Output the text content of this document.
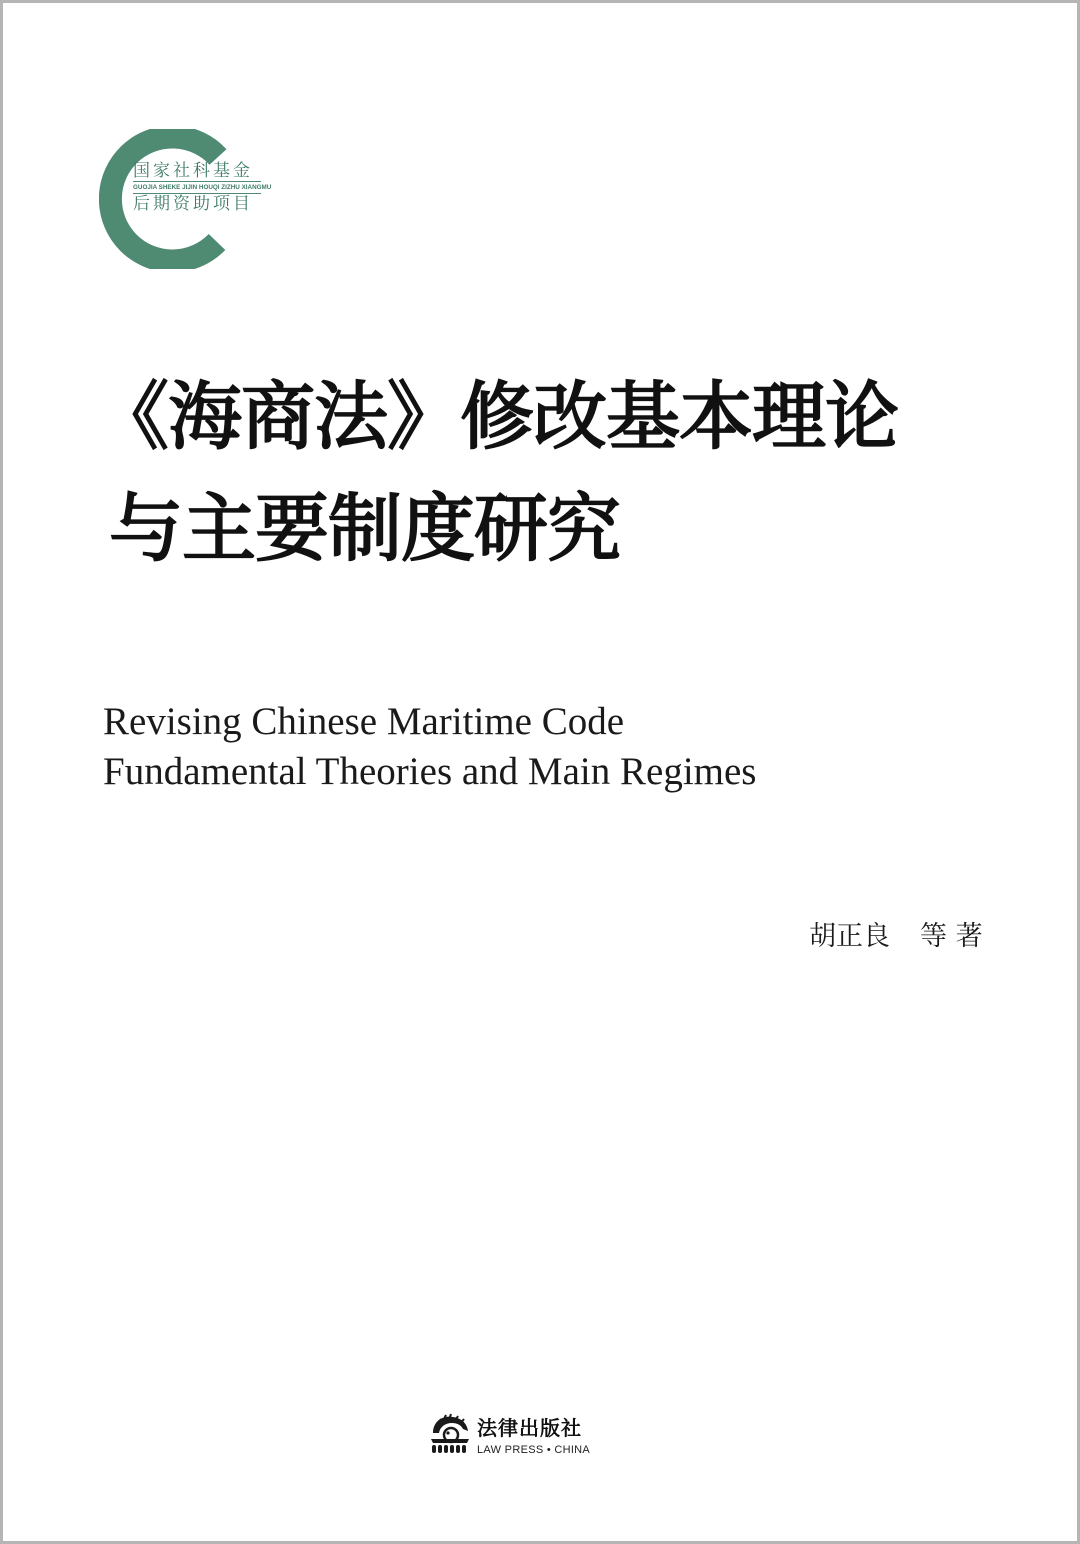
国家社科基金
GUOJIA SHEKE JIJIN HOUQI ZIZHU XIANGMU
后期资助项目
《海商法》修改基本理论
与主要制度研究
Revising Chinese Maritime Code
Fundamental Theories and Main Regimes
胡正良 等 著
法律出版社
LAW PRESS • CHINA
